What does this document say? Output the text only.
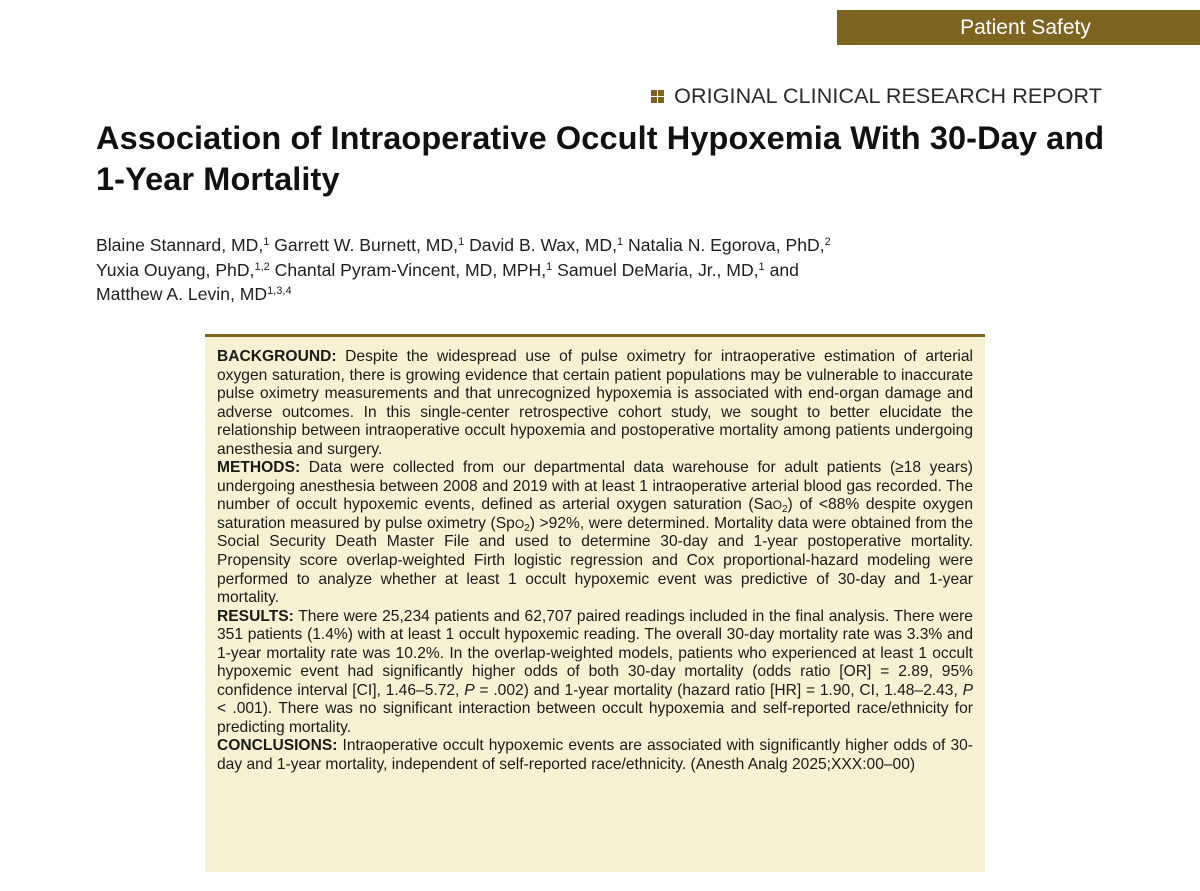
Patient Safety
ORIGINAL CLINICAL RESEARCH REPORT
Association of Intraoperative Occult Hypoxemia With 30-Day and 1-Year Mortality
Blaine Stannard, MD,$^1$ Garrett W. Burnett, MD,$^1$ David B. Wax, MD,$^1$ Natalia N. Egorova, PhD,$^2$
Yuxia Ouyang, PhD,$^{1,2}$ Chantal Pyram-Vincent, MD, MPH,$^1$ Samuel DeMaria, Jr., MD,$^1$ and
Matthew A. Levin, MD$^{1,3,4}$

BACKGROUND: Despite the widespread use of pulse oximetry for intraoperative estimation of arterial oxygen saturation, there is growing evidence that certain patient populations may be vulnerable to inaccurate pulse oximetry measurements and that unrecognized hypoxemia is associated with end-organ damage and adverse outcomes. In this single-center retrospective cohort study, we sought to better elucidate the relationship between intraoperative occult hypoxemia and postoperative mortality among patients undergoing anesthesia and surgery.

METHODS: Data were collected from our departmental data warehouse for adult patients (≥18 years) undergoing anesthesia between 2008 and 2019 with at least 1 intraoperative arterial blood gas recorded. The number of occult hypoxemic events, defined as arterial oxygen saturation (SaO$_2$) of <88% despite oxygen saturation measured by pulse oximetry (SpO$_2$) >92%, were determined. Mortality data were obtained from the Social Security Death Master File and used to determine 30-day and 1-year postoperative mortality. Propensity score overlap-weighted Firth logistic regression and Cox proportional-hazard modeling were performed to analyze whether at least 1 occult hypoxemic event was predictive of 30-day and 1-year mortality.

RESULTS: There were 25,234 patients and 62,707 paired readings included in the final analysis. There were 351 patients (1.4%) with at least 1 occult hypoxemic reading. The overall 30-day mortality rate was 3.3% and 1-year mortality rate was 10.2%. In the overlap-weighted models, patients who experienced at least 1 occult hypoxemic event had significantly higher odds of both 30-day mortality (odds ratio [OR] = 2.89, 95% confidence interval [CI], 1.46–5.72, P = .002) and 1-year mortality (hazard ratio [HR] = 1.90, CI, 1.48–2.43, P < .001). There was no significant interaction between occult hypoxemia and self-reported race/ethnicity for predicting mortality.

CONCLUSIONS: Intraoperative occult hypoxemic events are associated with significantly higher odds of 30-day and 1-year mortality, independent of self-reported race/ethnicity. (Anesth Analg 2025;XXX:00–00)
